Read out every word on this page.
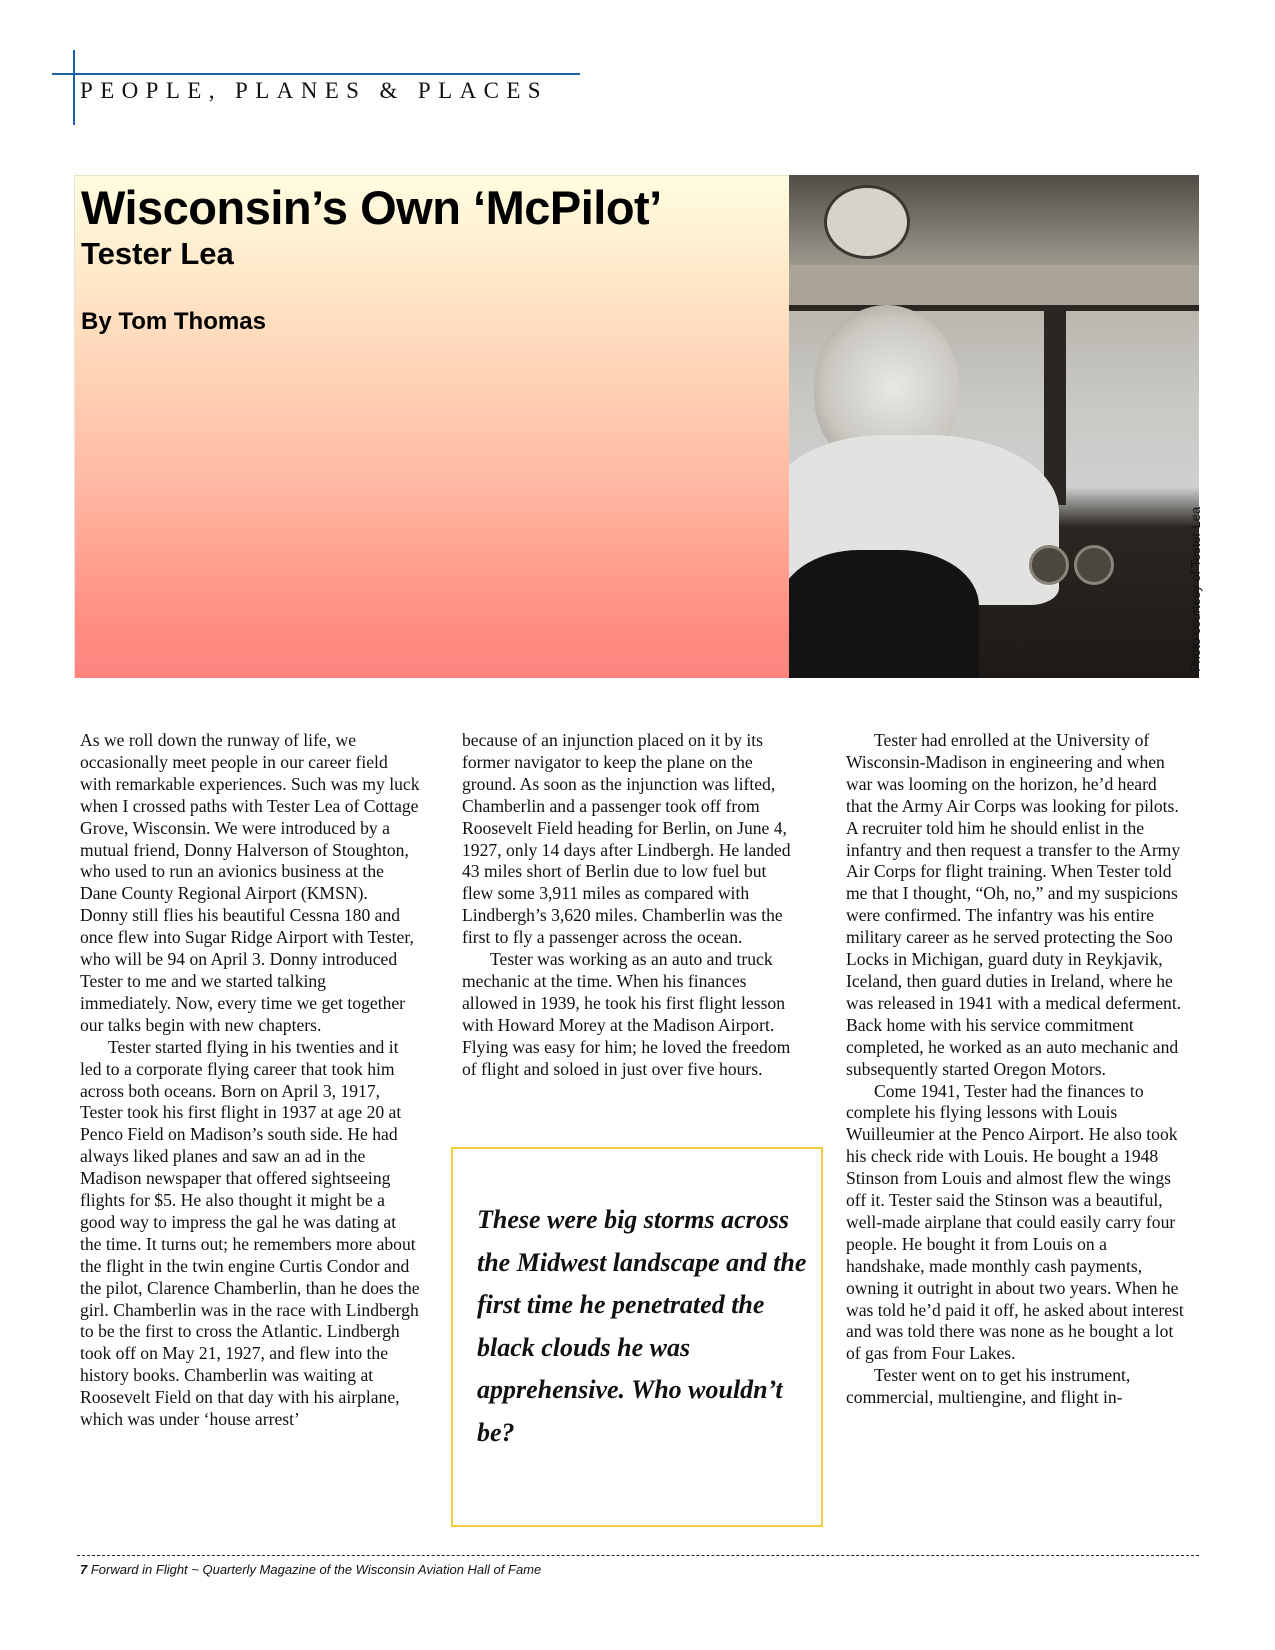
PEOPLE, PLANES & PLACES
Wisconsin’s Own ‘McPilot’
Tester Lea
By Tom Thomas
Photo courtesy of Tester Lea

As we roll down the runway of life, we occasionally meet people in our career field with remarkable experiences. Such was my luck when I crossed paths with Tester Lea of Cottage Grove, Wisconsin. We were introduced by a mutual friend, Donny Halverson of Stoughton, who used to run an avionics business at the Dane County Regional Airport (KMSN). Donny still flies his beautiful Cessna 180 and once flew into Sugar Ridge Airport with Tester, who will be 94 on April 3. Donny introduced Tester to me and we started talking immediately. Now, every time we get together our talks begin with new chapters.

Tester started flying in his twenties and it led to a corporate flying career that took him across both oceans. Born on April 3, 1917, Tester took his first flight in 1937 at age 20 at Penco Field on Madison’s south side. He had always liked planes and saw an ad in the Madison newspaper that offered sightseeing flights for $5. He also thought it might be a good way to impress the gal he was dating at the time. It turns out; he remembers more about the flight in the twin engine Curtis Condor and the pilot, Clarence Chamberlin, than he does the girl. Chamberlin was in the race with Lindbergh to be the first to cross the Atlantic. Lindbergh took off on May 21, 1927, and flew into the history books. Chamberlin was waiting at Roosevelt Field on that day with his airplane, which was under ‘house arrest’

because of an injunction placed on it by its former navigator to keep the plane on the ground. As soon as the injunction was lifted, Chamberlin and a passenger took off from Roosevelt Field heading for Berlin, on June 4, 1927, only 14 days after Lindbergh. He landed 43 miles short of Berlin due to low fuel but flew some 3,911 miles as compared with Lindbergh’s 3,620 miles. Chamberlin was the first to fly a passenger across the ocean.

Tester was working as an auto and truck mechanic at the time. When his finances allowed in 1939, he took his first flight lesson with Howard Morey at the Madison Airport. Flying was easy for him; he loved the freedom of flight and soloed in just over five hours.

These were big storms across the Midwest landscape and the first time he penetrated the black clouds he was apprehensive. Who wouldn’t be?

Tester had enrolled at the University of Wisconsin-Madison in engineering and when war was looming on the horizon, he’d heard that the Army Air Corps was looking for pilots. A recruiter told him he should enlist in the infantry and then request a transfer to the Army Air Corps for flight training. When Tester told me that I thought, “Oh, no,” and my suspicions were confirmed. The infantry was his entire military career as he served protecting the Soo Locks in Michigan, guard duty in Reykjavik, Iceland, then guard duties in Ireland, where he was released in 1941 with a medical deferment. Back home with his service commitment completed, he worked as an auto mechanic and subsequently started Oregon Motors.

Come 1941, Tester had the finances to complete his flying lessons with Louis Wuilleumier at the Penco Airport. He also took his check ride with Louis. He bought a 1948 Stinson from Louis and almost flew the wings off it. Tester said the Stinson was a beautiful, well-made airplane that could easily carry four people. He bought it from Louis on a handshake, made monthly cash payments, owning it outright in about two years. When he was told he’d paid it off, he asked about interest and was told there was none as he bought a lot of gas from Four Lakes.

Tester went on to get his instrument, commercial, multiengine, and flight in-

7 Forward in Flight ~ Quarterly Magazine of the Wisconsin Aviation Hall of Fame
